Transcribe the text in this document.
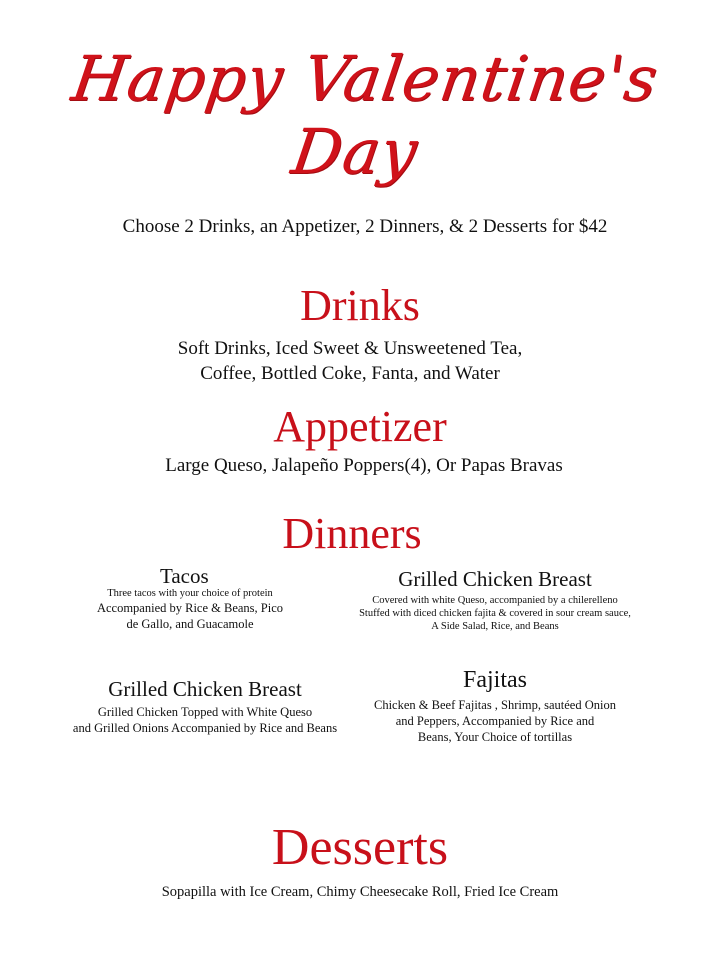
Happy Valentine's Day
Choose 2 Drinks, an Appetizer, 2 Dinners, & 2 Desserts for $42
Drinks
Soft Drinks, Iced Sweet & Unsweetened Tea,
Coffee, Bottled Coke, Fanta, and Water
Appetizer
Large Queso, Jalapeño Poppers(4), Or Papas Bravas
Dinners
Tacos
Three tacos with your choice of protein
Accompanied by Rice & Beans, Pico
de Gallo, and Guacamole
Grilled Chicken Breast
Covered with white Queso, accompanied by a chilerelleno
Stuffed with diced chicken fajita & covered in sour cream sauce,
A Side Salad, Rice, and Beans
Grilled Chicken Breast
Grilled Chicken Topped with White Queso
and Grilled Onions Accompanied by Rice and Beans
Fajitas
Chicken & Beef Fajitas , Shrimp, sautéed Onion
and Peppers, Accompanied by Rice and
Beans, Your Choice of tortillas
Desserts
Sopapilla with Ice Cream, Chimy Cheesecake Roll, Fried Ice Cream
